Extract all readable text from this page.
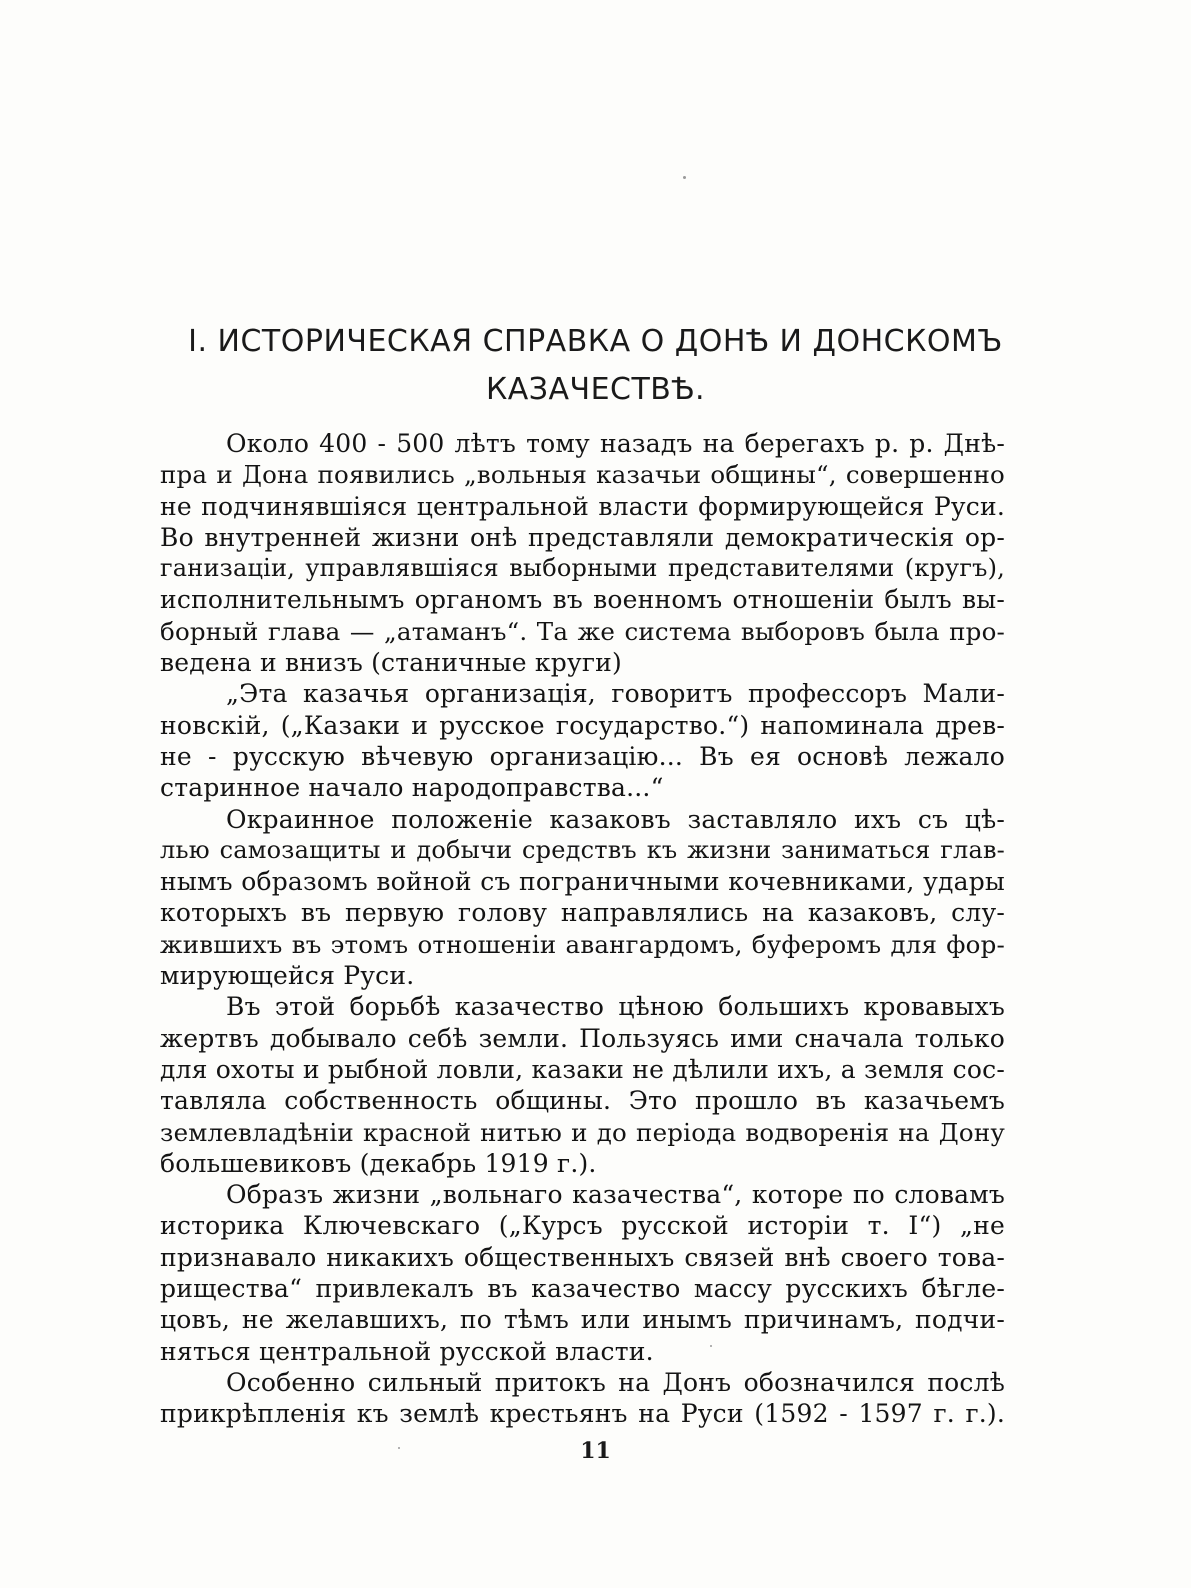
I. ИСТОРИЧЕСКАЯ СПРАВКА О ДОНѢ И ДОНСКОМЪ
КАЗАЧЕСТВѢ.
Около 400 - 500 лѣтъ тому назадъ на берегахъ р. р. Днѣ-
пра и Дона появились „вольныя казачьи общины“, совершенно
не подчинявшіяся центральной власти формирующейся Руси.
Во внутренней жизни онѣ представляли демократическія ор-
ганизаціи, управлявшіяся выборными представителями (кругъ),
исполнительнымъ органомъ въ военномъ отношеніи былъ вы-
борный глава — „атаманъ“. Та же система выборовъ была про-
ведена и внизъ (станичные круги)
„Эта казачья организація, говоритъ профессоръ Мали-
новскій, („Казаки и русское государство.“) напоминала древ-
не - русскую вѣчевую организацію... Въ ея основѣ лежало
старинное начало народоправства...“
Окраинное положеніе казаковъ заставляло ихъ съ цѣ-
лью самозащиты и добычи средствъ къ жизни заниматься глав-
нымъ образомъ войной съ пограничными кочевниками, удары
которыхъ въ первую голову направлялись на казаковъ, слу-
жившихъ въ этомъ отношеніи авангардомъ, буферомъ для фор-
мирующейся Руси.
Въ этой борьбѣ казачество цѣною большихъ кровавыхъ
жертвъ добывало себѣ земли. Пользуясь ими сначала только
для охоты и рыбной ловли, казаки не дѣлили ихъ, а земля сос-
тавляла собственность общины. Это прошло въ казачьемъ
землевладѣніи красной нитью и до періода водворенія на Дону
большевиковъ (декабрь 1919 г.).
Образъ жизни „вольнаго казачества“, которе по словамъ
историка Ключевскаго („Курсъ русской исторіи т. I“) „не
признавало никакихъ общественныхъ связей внѣ своего това-
рищества“ привлекалъ въ казачество массу русскихъ бѣгле-
цовъ, не желавшихъ, по тѣмъ или инымъ причинамъ, подчи-
няться центральной русской власти.
Особенно сильный притокъ на Донъ обозначился послѣ
прикрѣпленія къ землѣ крестьянъ на Руси (1592 - 1597 г. г.).
11
